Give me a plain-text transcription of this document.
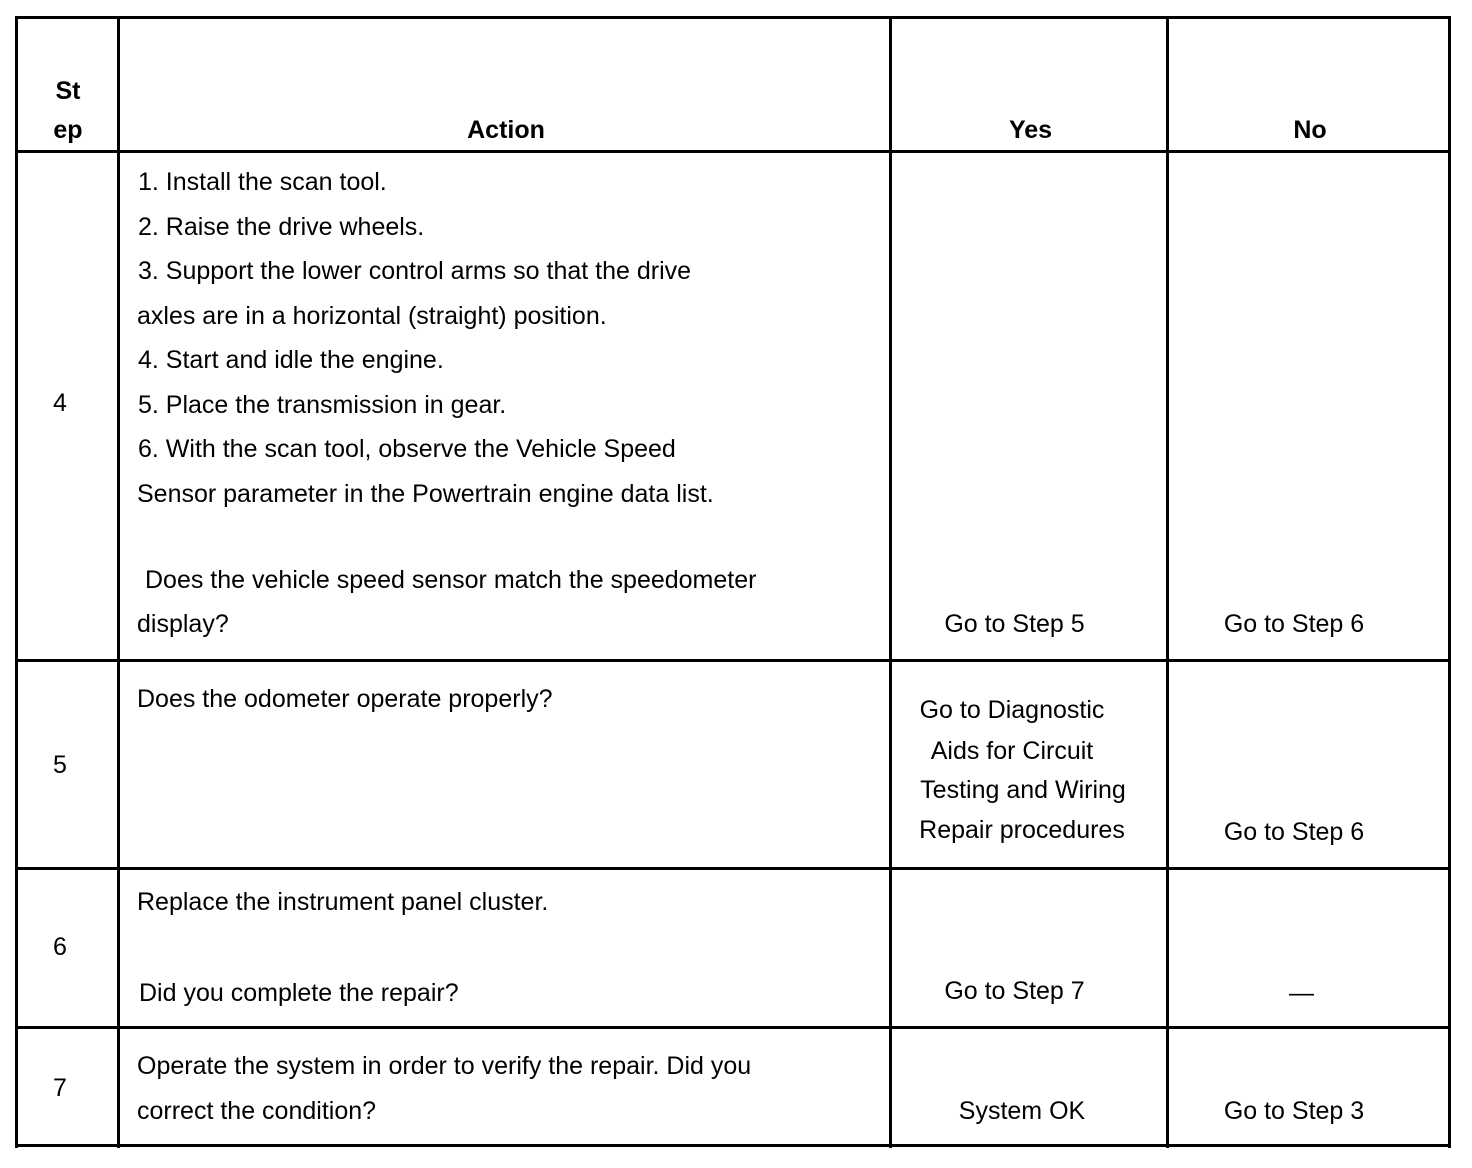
St
ep	Action	Yes	No
4
1. Install the scan tool.
2. Raise the drive wheels.
3. Support the lower control arms so that the drive
axles are in a horizontal (straight) position.
4. Start and idle the engine.
5. Place the transmission in gear.
6. With the scan tool, observe the Vehicle Speed
Sensor parameter in the Powertrain engine data list.
Does the vehicle speed sensor match the speedometer
display?	Go to Step 5	Go to Step 6
5
Does the odometer operate properly?	Go to Diagnostic
Aids for Circuit
Testing and Wiring
Repair procedures	Go to Step 6
6
Replace the instrument panel cluster.
Did you complete the repair?	Go to Step 7	—
7
Operate the system in order to verify the repair. Did you
correct the condition?	System OK	Go to Step 3
